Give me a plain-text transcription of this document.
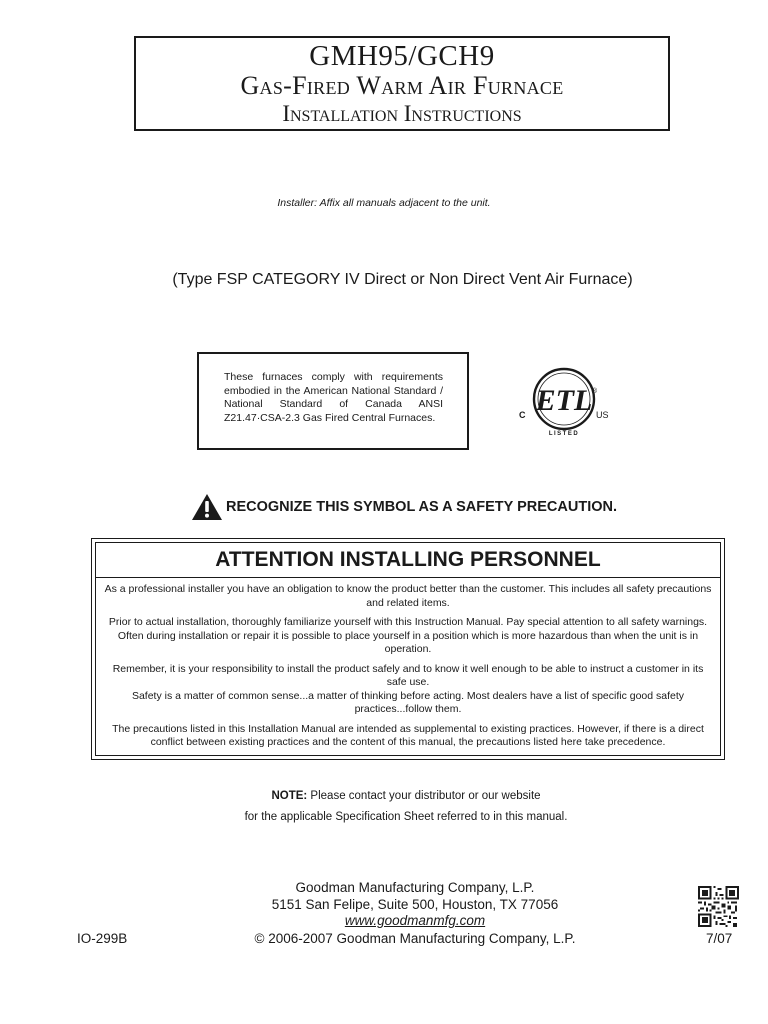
GMH95/GCH9
Gas-Fired Warm Air Furnace
Installation Instructions
Installer: Affix all manuals adjacent to the unit.
(Type FSP CATEGORY IV Direct or Non Direct Vent Air Furnace)
These furnaces comply with requirements embodied in the American National Standard / National Standard of Canada ANSI Z21.47·CSA-2.3 Gas Fired Central Furnaces.
ETL
C	US
LISTED
®
RECOGNIZE THIS SYMBOL AS A SAFETY PRECAUTION.
ATTENTION INSTALLING PERSONNEL

As a professional installer you have an obligation to know the product better than the customer. This includes all safety precautions and related items.

Prior to actual installation, thoroughly familiarize yourself with this Instruction Manual. Pay special attention to all safety warnings. Often during installation or repair it is possible to place yourself in a position which is more hazardous than when the unit is in operation.

Remember, it is your responsibility to install the product safely and to know it well enough to be able to instruct a customer in its safe use.

Safety is a matter of common sense...a matter of thinking before acting. Most dealers have a list of specific good safety practices...follow them.

The precautions listed in this Installation Manual are intended as supplemental to existing practices. However, if there is a direct conflict between existing practices and the content of this manual, the precautions listed here take precedence.

NOTE: Please contact your distributor or our website
for the applicable Specification Sheet referred to in this manual.
Goodman Manufacturing Company, L.P.
5151 San Felipe, Suite 500, Houston, TX 77056
www.goodmanmfg.com
© 2006-2007 Goodman Manufacturing Company, L.P.
IO-299B	7/07
